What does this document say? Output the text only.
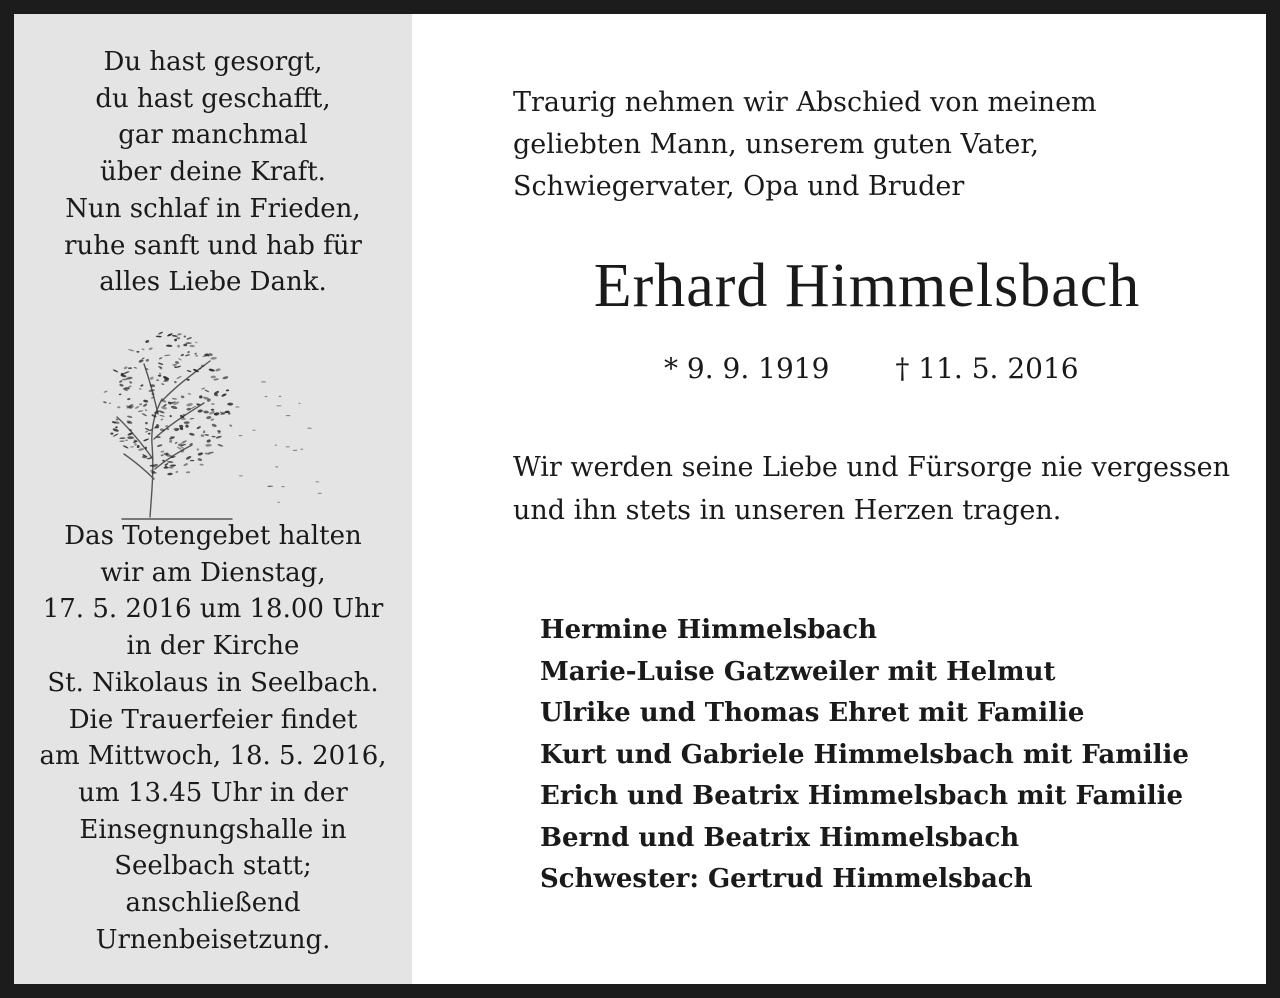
Du hast gesorgt,
du hast geschafft,
gar manchmal
über deine Kraft.
Nun schlaf in Frieden,
ruhe sanft und hab für
alles Liebe Dank.
Das Totengebet halten
wir am Dienstag,
17. 5. 2016 um 18.00 Uhr
in der Kirche
St. Nikolaus in Seelbach.
Die Trauerfeier findet
am Mittwoch, 18. 5. 2016,
um 13.45 Uhr in der
Einsegnungshalle in
Seelbach statt;
anschließend
Urnenbeisetzung.
Traurig nehmen wir Abschied von meinem
geliebten Mann, unserem guten Vater,
Schwiegervater, Opa und Bruder
Erhard Himmelsbach
* 9. 9. 1919 † 11. 5. 2016
Wir werden seine Liebe und Fürsorge nie vergessen
und ihn stets in unseren Herzen tragen.
Hermine Himmelsbach
Marie-Luise Gatzweiler mit Helmut
Ulrike und Thomas Ehret mit Familie
Kurt und Gabriele Himmelsbach mit Familie
Erich und Beatrix Himmelsbach mit Familie
Bernd und Beatrix Himmelsbach
Schwester: Gertrud Himmelsbach
